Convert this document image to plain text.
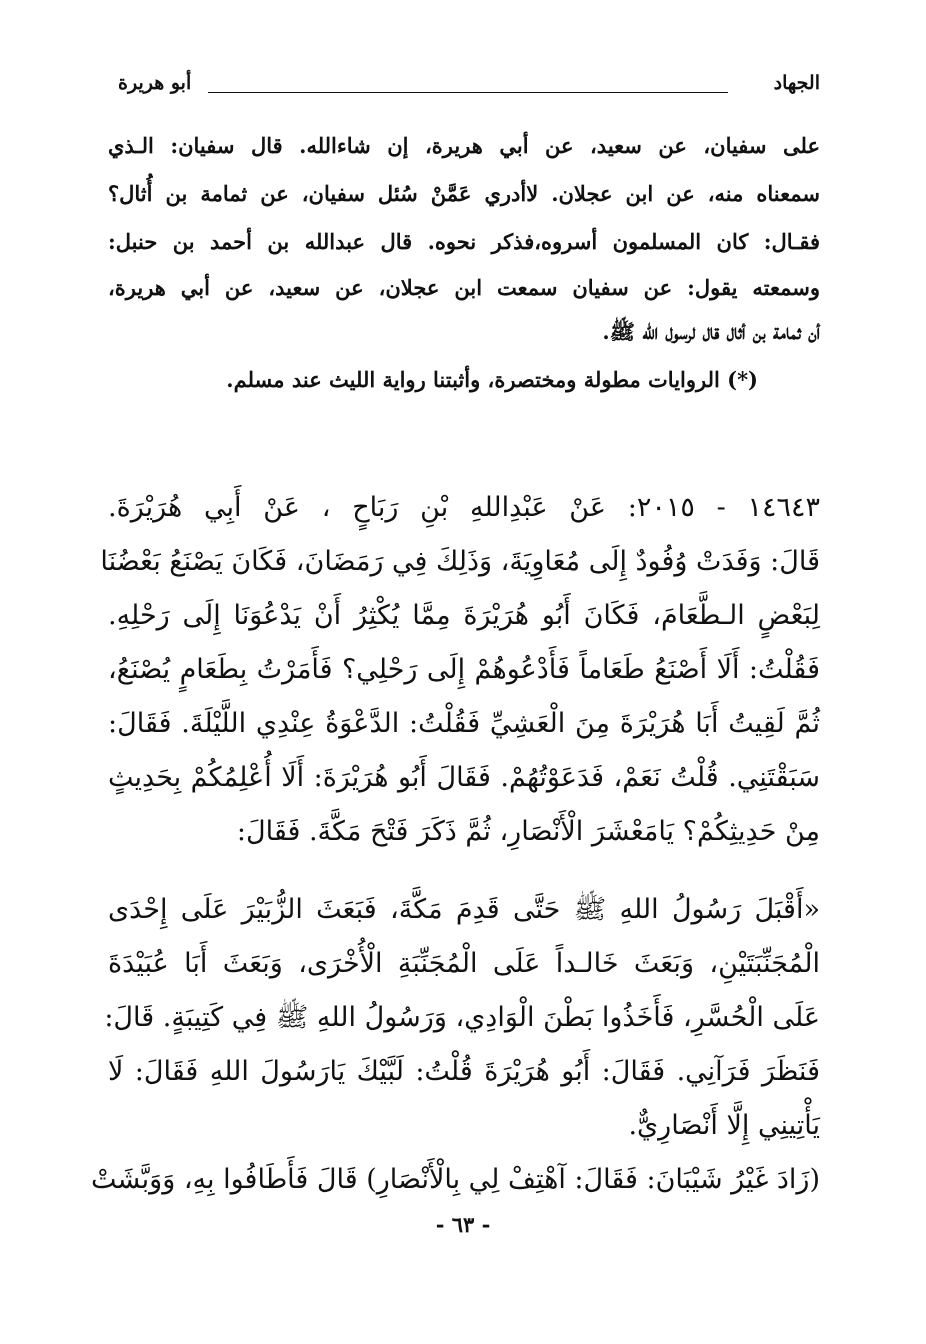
الجهاد
أبو هريرة
على سفيان، عن سعيد، عن أبي هريرة، إن شاءالله. قال سفيان: الـذي
سمعناه منه، عن ابن عجلان. لاأدري عَمَّنْ سُئل سفيان، عن ثمامة بن أُثال؟
فقـال: كان المسلمون أسروه،فذكر نحوه. قال عبدالله بن أحمد بن حنبل:
وسمعته يقول: عن سفيان سمعت ابن عجلان، عن سعيد، عن أبي هريرة،
أن ثمامة بن أثال قال لرسول الله ﷺ.
(*) الروايات مطولة ومختصرة، وأثبتنا رواية الليث عند مسلم.
١٤٦٤٣ - ٢٠١٥: عَنْ عَبْدِاللهِ بْنِ رَبَاحٍ ، عَنْ أَبِي هُرَيْرَةَ.
قَالَ: وَفَدَتْ وُفُودٌ إِلَى مُعَاوِيَةَ، وَذَلِكَ فِي رَمَضَانَ، فَكَانَ يَصْنَعُ بَعْضُنَا
لِبَعْضٍ الـطَّعَامَ، فَكَانَ أَبُو هُرَيْرَةَ مِمَّا يُكْثِرُ أَنْ يَدْعُوَنَا إِلَى رَحْلِهِ.
فَقُلْتُ: أَلَا أَصْنَعُ طَعَاماً فَأَدْعُوهُمْ إِلَى رَحْلِي؟ فَأَمَرْتُ بِطَعَامٍ يُصْنَعُ،
ثُمَّ لَقِيتُ أَبَا هُرَيْرَةَ مِنَ الْعَشِيِّ فَقُلْتُ: الدَّعْوَةُ عِنْدِي اللَّيْلَةَ. فَقَالَ:
سَبَقْتَنِي. قُلْتُ نَعَمْ، فَدَعَوْتُهُمْ. فَقَالَ أَبُو هُرَيْرَةَ: أَلَا أُعْلِمُكُمْ بِحَدِيثٍ
مِنْ حَدِيثِكُمْ؟ يَامَعْشَرَ الْأَنْصَارِ، ثُمَّ ذَكَرَ فَتْحَ مَكَّةَ. فَقَالَ:
«أَقْبَلَ رَسُولُ اللهِ ﷺ حَتَّى قَدِمَ مَكَّةَ، فَبَعَثَ الزُّبَيْرَ عَلَى إِحْدَى
الْمُجَنِّبَتَيْنِ، وَبَعَثَ خَالـداً عَلَى الْمُجَنِّبَةِ الْأُخْرَى، وَبَعَثَ أَبَا عُبَيْدَةَ
عَلَى الْحُسَّرِ، فَأَخَذُوا بَطْنَ الْوَادِي، وَرَسُولُ اللهِ ﷺ فِي كَتِيبَةٍ. قَالَ:
فَنَظَرَ فَرَآنِي. فَقَالَ: أَبُو هُرَيْرَةَ قُلْتُ: لَبَّيْكَ يَارَسُولَ اللهِ فَقَالَ: لَا
يَأْتِينِي إِلَّا أَنْصَارِيٌّ.
(زَادَ غَيْرُ شَيْبَانَ: فَقَالَ: آهْتِفْ لِي بِالْأَنْصَارِ) قَالَ فَأَطَافُوا بِهِ، وَوَبَّشَتْ
- ٦٣ -
